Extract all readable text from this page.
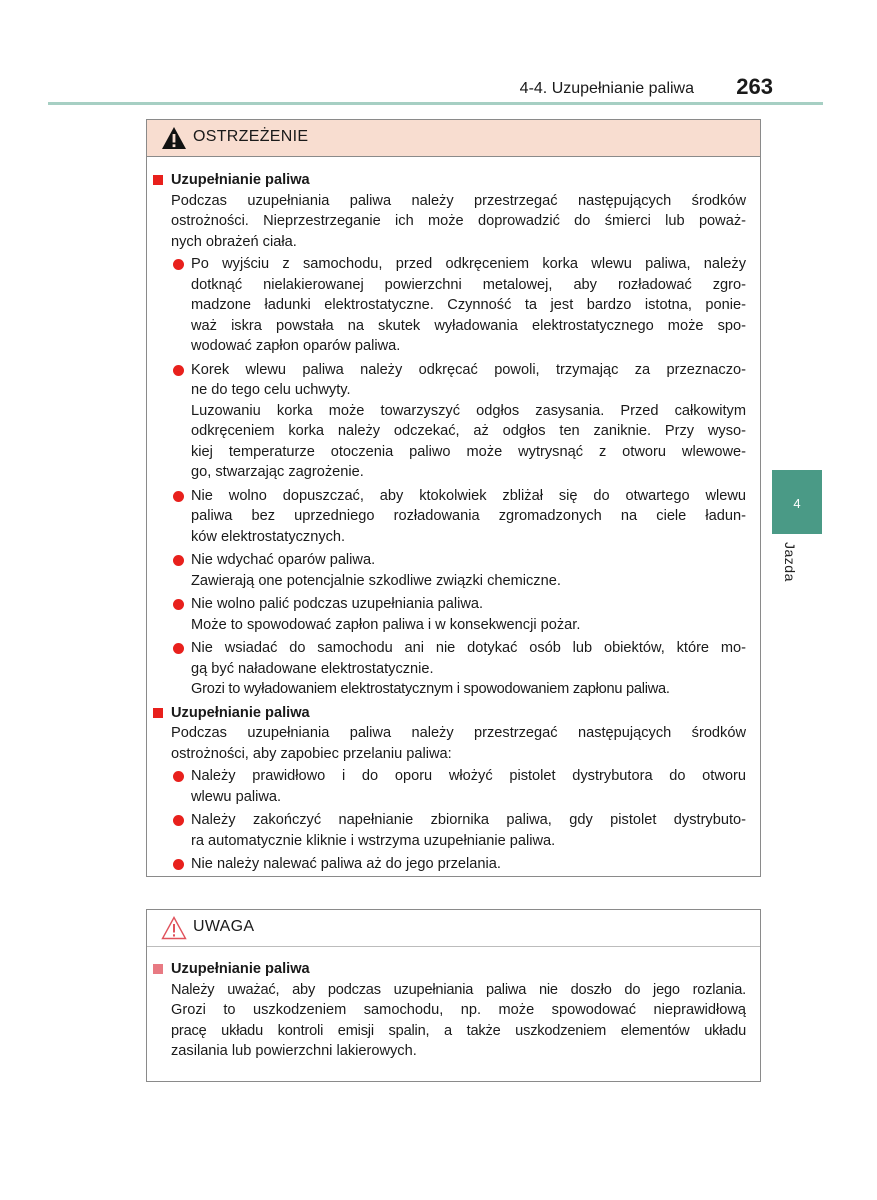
4-4. Uzupełnianie paliwa 263
4
Jazda
OSTRZEŻENIE
Uzupełnianie paliwa
Podczas uzupełniania paliwa należy przestrzegać następujących środków
ostrożności. Nieprzestrzeganie ich może doprowadzić do śmierci lub poważ-
nych obrażeń ciała.
Po wyjściu z samochodu, przed odkręceniem korka wlewu paliwa, należy
dotknąć nielakierowanej powierzchni metalowej, aby rozładować zgro-
madzone ładunki elektrostatyczne. Czynność ta jest bardzo istotna, ponie-
waż iskra powstała na skutek wyładowania elektrostatycznego może spo-
wodować zapłon oparów paliwa.
Korek wlewu paliwa należy odkręcać powoli, trzymając za przeznaczo-
ne do tego celu uchwyty.
Luzowaniu korka może towarzyszyć odgłos zasysania. Przed całkowitym
odkręceniem korka należy odczekać, aż odgłos ten zaniknie. Przy wyso-
kiej temperaturze otoczenia paliwo może wytrysnąć z otworu wlewowe-
go, stwarzając zagrożenie.
Nie wolno dopuszczać, aby ktokolwiek zbliżał się do otwartego wlewu
paliwa bez uprzedniego rozładowania zgromadzonych na ciele ładun-
ków elektrostatycznych.
Nie wdychać oparów paliwa.
Zawierają one potencjalnie szkodliwe związki chemiczne.
Nie wolno palić podczas uzupełniania paliwa.
Może to spowodować zapłon paliwa i w konsekwencji pożar.
Nie wsiadać do samochodu ani nie dotykać osób lub obiektów, które mo-
gą być naładowane elektrostatycznie.
Grozi to wyładowaniem elektrostatycznym i spowodowaniem zapłonu paliwa.
Uzupełnianie paliwa
Podczas uzupełniania paliwa należy przestrzegać następujących środków
ostrożności, aby zapobiec przelaniu paliwa:
Należy prawidłowo i do oporu włożyć pistolet dystrybutora do otworu
wlewu paliwa.
Należy zakończyć napełnianie zbiornika paliwa, gdy pistolet dystrybuto-
ra automatycznie kliknie i wstrzyma uzupełnianie paliwa.
Nie należy nalewać paliwa aż do jego przelania.
UWAGA
Uzupełnianie paliwa
Należy uważać, aby podczas uzupełniania paliwa nie doszło do jego rozlania.
Grozi to uszkodzeniem samochodu, np. może spowodować nieprawidłową
pracę układu kontroli emisji spalin, a także uszkodzeniem elementów układu
zasilania lub powierzchni lakierowych.
